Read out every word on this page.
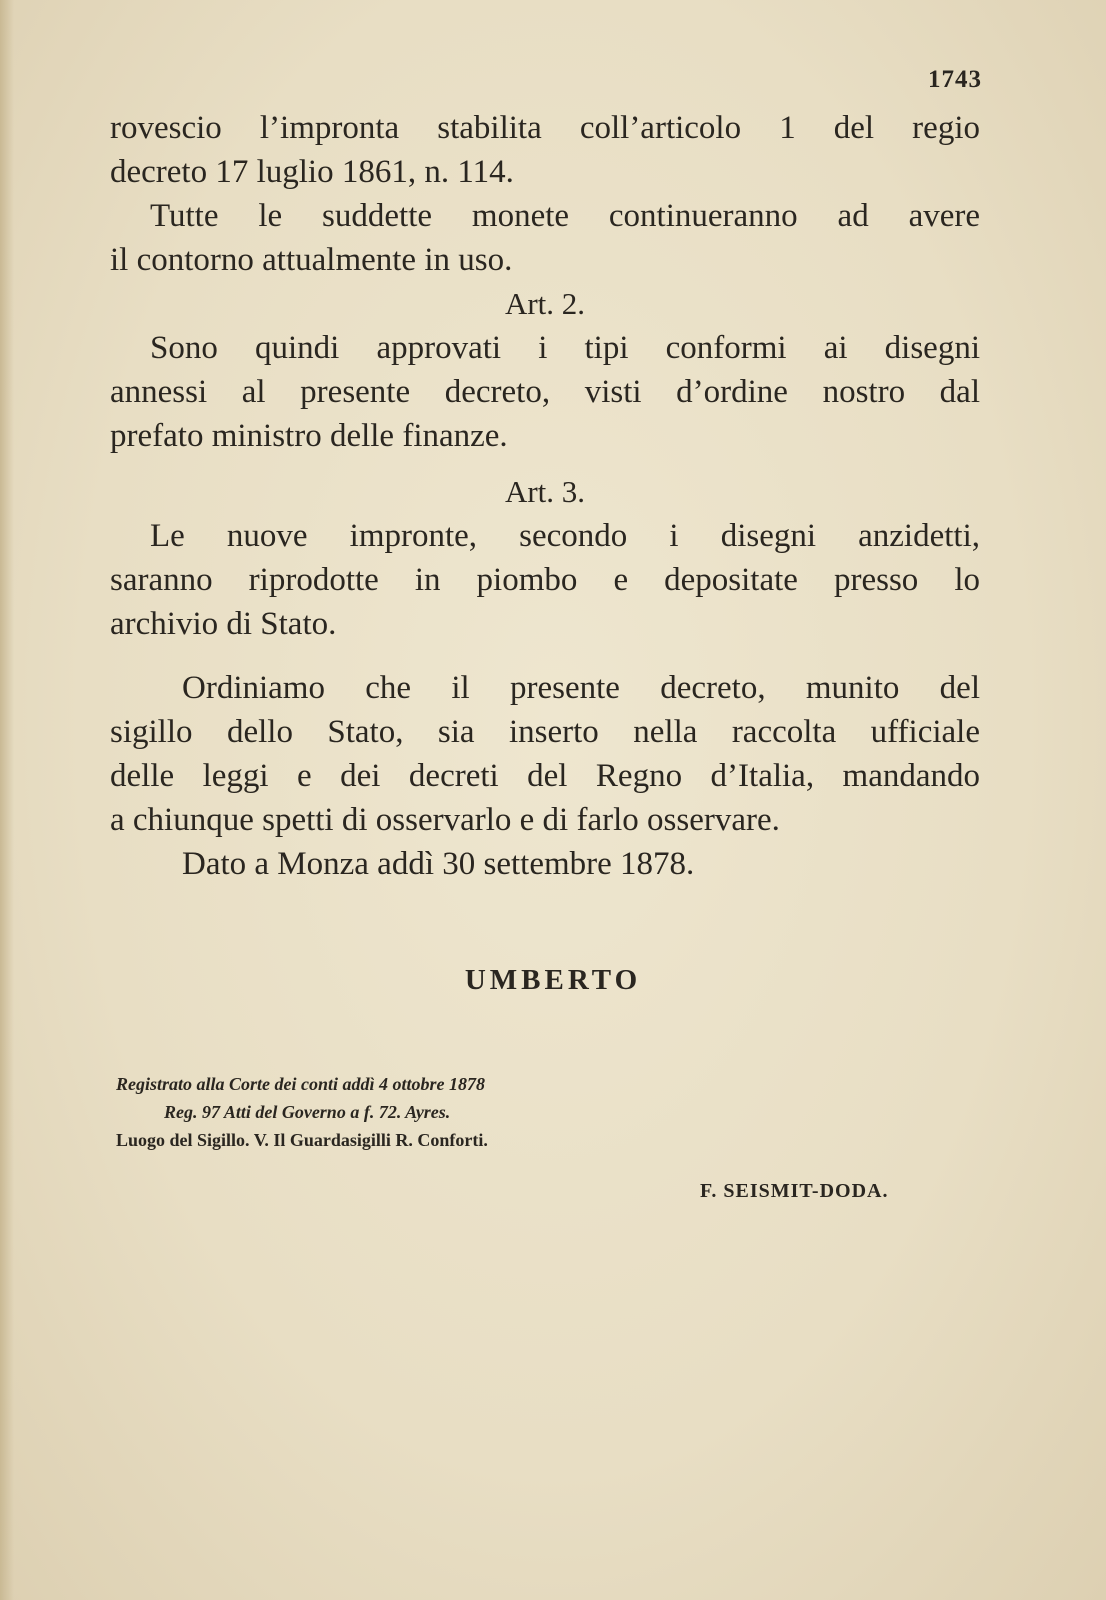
1743
rovescio l’impronta stabilita coll’articolo 1 del regio
decreto 17 luglio 1861, n. 114.
Tutte le suddette monete continueranno ad avere
il contorno attualmente in uso.
Art. 2.
Sono quindi approvati i tipi conformi ai disegni
annessi al presente decreto, visti d’ordine nostro dal
prefato ministro delle finanze.
Art. 3.
Le nuove impronte, secondo i disegni anzidetti,
saranno riprodotte in piombo e depositate presso lo
archivio di Stato.
Ordiniamo che il presente decreto, munito del
sigillo dello Stato, sia inserto nella raccolta ufficiale
delle leggi e dei decreti del Regno d’Italia, mandando
a chiunque spetti di osservarlo e di farlo osservare.
Dato a Monza addì 30 settembre 1878.
UMBERTO
Registrato alla Corte dei conti addì 4 ottobre 1878
Reg. 97 Atti del Governo a f. 72. Ayres.
Luogo del Sigillo. V. Il Guardasigilli R. Conforti.
F. SEISMIT-DODA.
